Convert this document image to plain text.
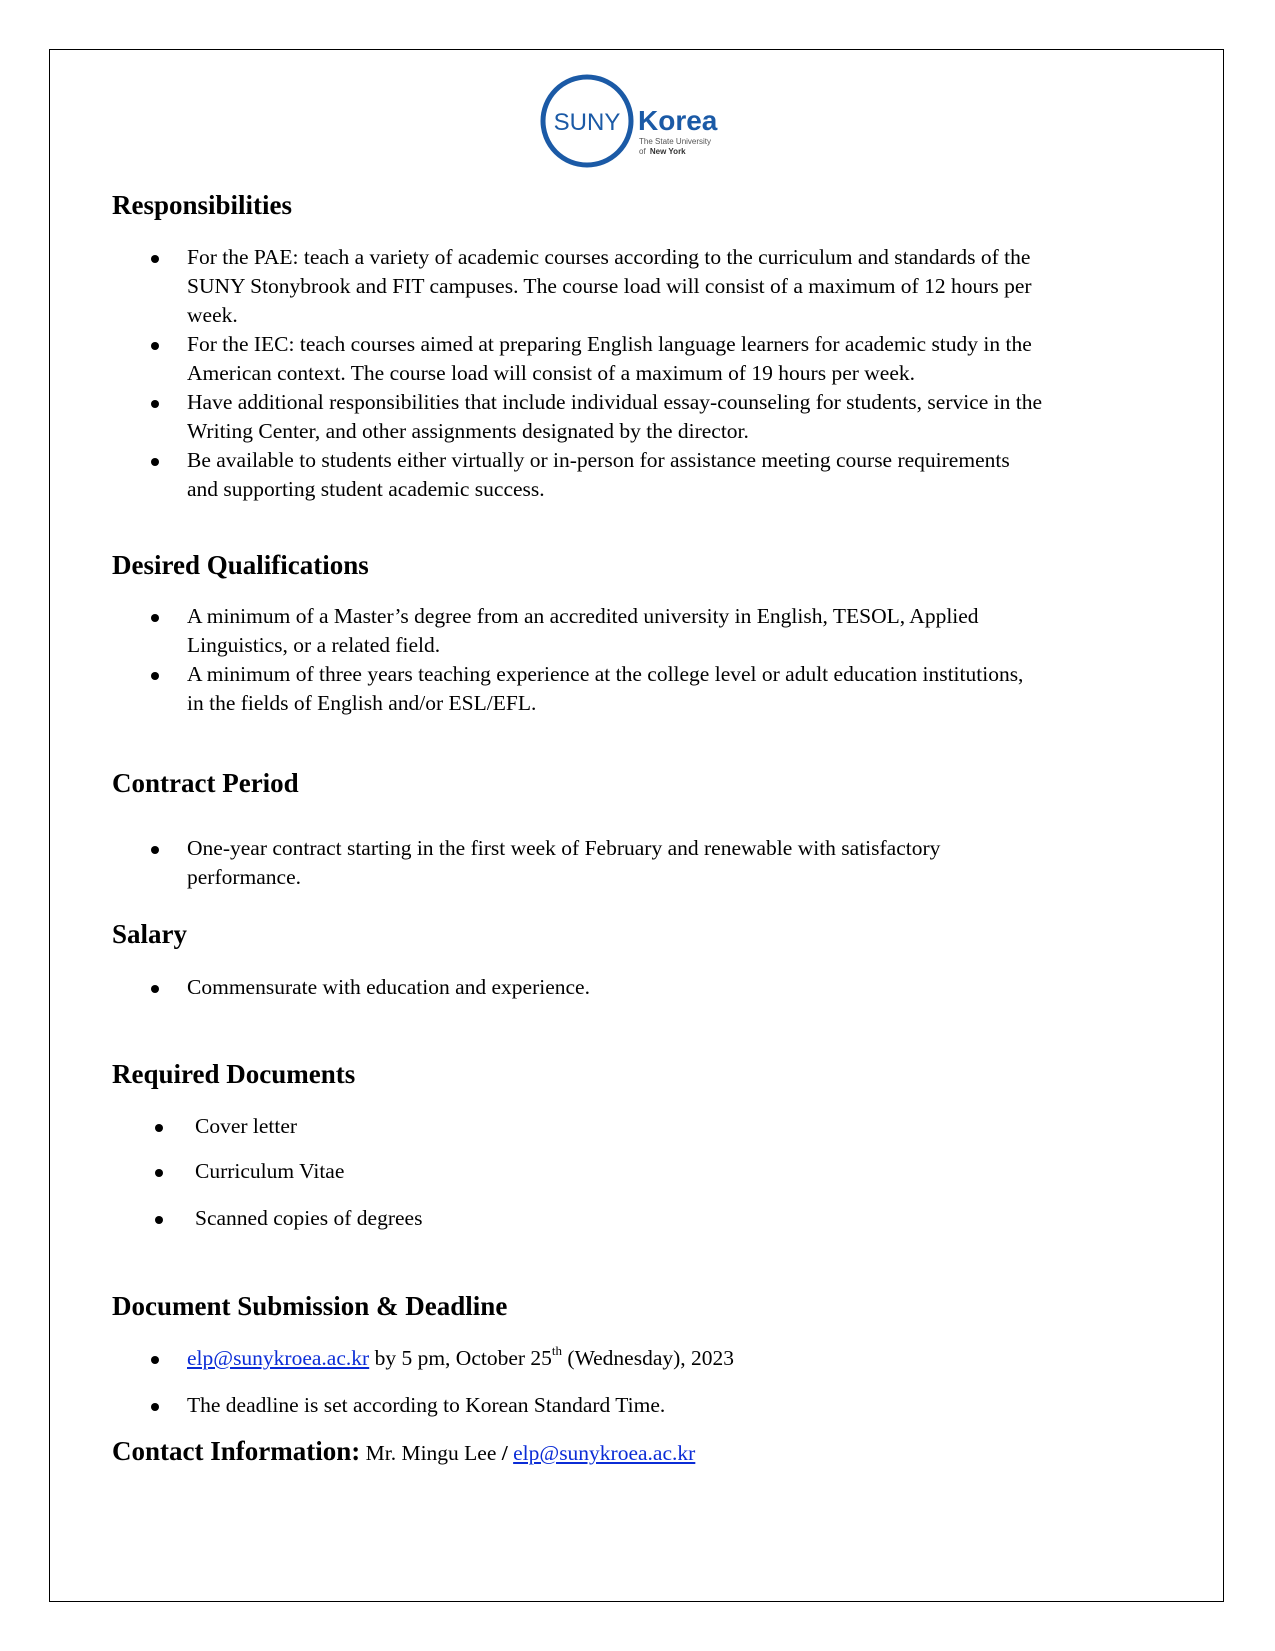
SUNY Korea
The State University
of New York
Responsibilities
For the PAE: teach a variety of academic courses according to the curriculum and standards of the
SUNY Stonybrook and FIT campuses. The course load will consist of a maximum of 12 hours per
week.
For the IEC: teach courses aimed at preparing English language learners for academic study in the
American context. The course load will consist of a maximum of 19 hours per week.
Have additional responsibilities that include individual essay-counseling for students, service in the
Writing Center, and other assignments designated by the director.
Be available to students either virtually or in-person for assistance meeting course requirements
and supporting student academic success.
Desired Qualifications
A minimum of a Master’s degree from an accredited university in English, TESOL, Applied
Linguistics, or a related field.
A minimum of three years teaching experience at the college level or adult education institutions,
in the fields of English and/or ESL/EFL.
Contract Period
One-year contract starting in the first week of February and renewable with satisfactory
performance.
Salary
Commensurate with education and experience.
Required Documents
Cover letter
Curriculum Vitae
Scanned copies of degrees
Document Submission & Deadline
elp@sunykroea.ac.kr by 5 pm, October 25th (Wednesday), 2023
The deadline is set according to Korean Standard Time.
Contact Information: Mr. Mingu Lee / elp@sunykroea.ac.kr
